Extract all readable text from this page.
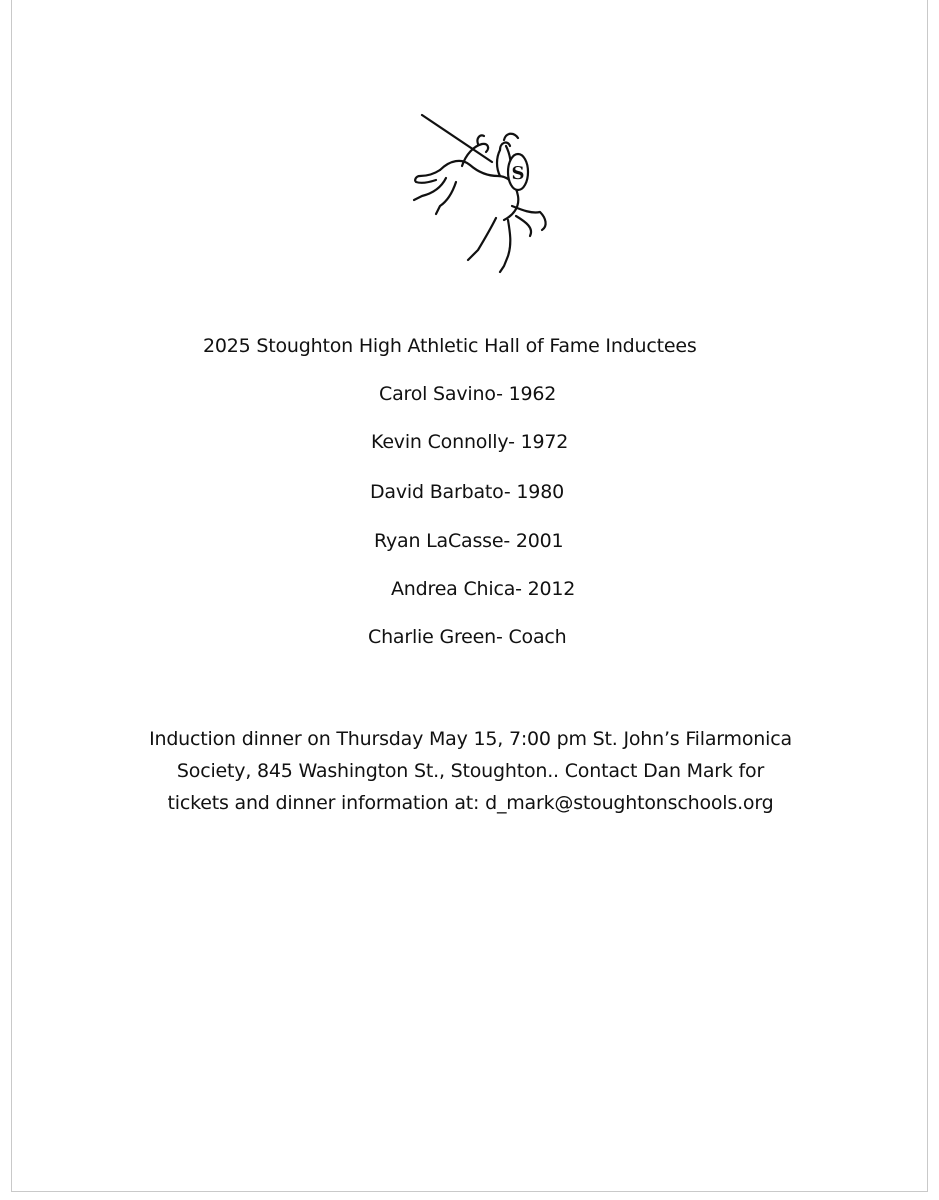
S
2025 Stoughton High Athletic Hall of Fame Inductees
Carol Savino- 1962
Kevin Connolly- 1972
David Barbato- 1980
Ryan LaCasse- 2001
Andrea Chica- 2012
Charlie Green- Coach
Induction dinner on Thursday May 15, 7:00 pm St. John’s Filarmonica
Society, 845 Washington St., Stoughton.. Contact Dan Mark for
tickets and dinner information at: d_mark@stoughtonschools.org
